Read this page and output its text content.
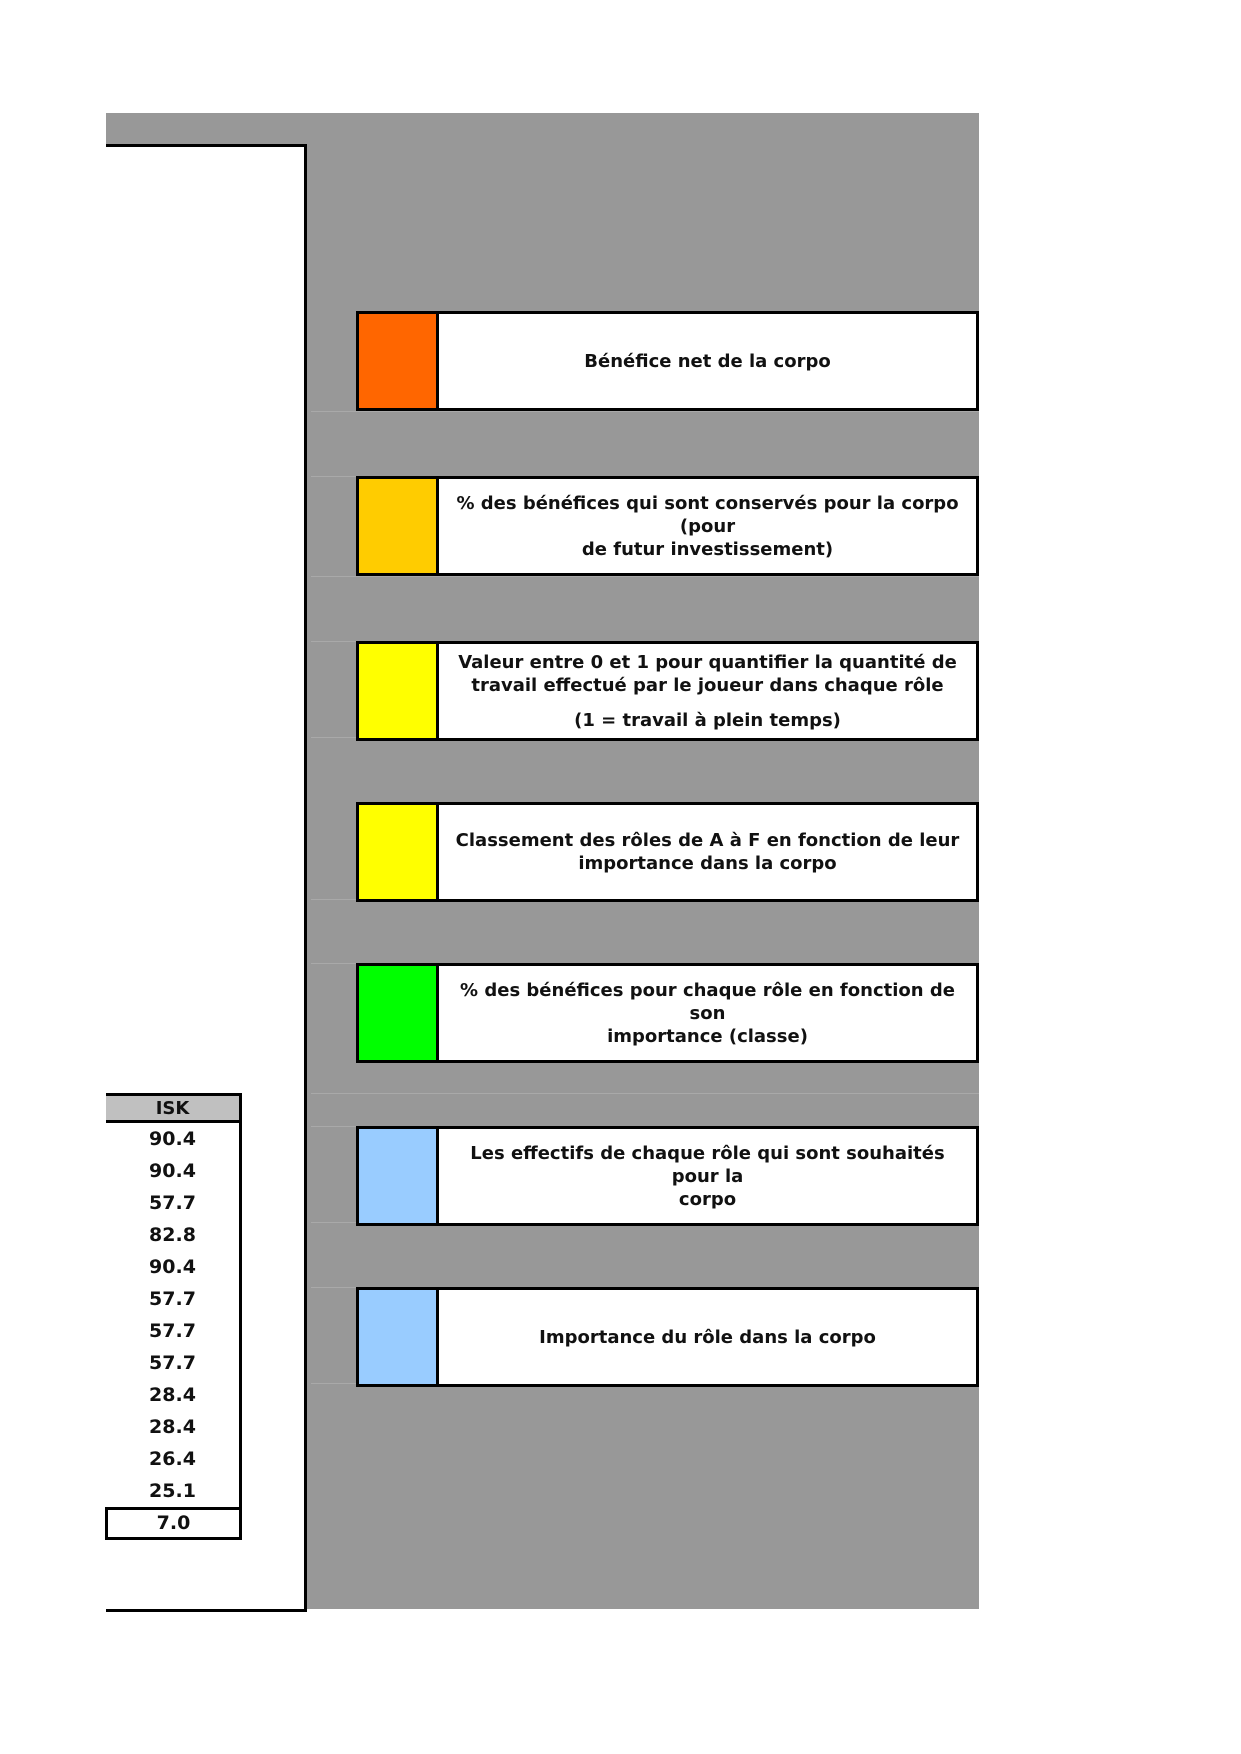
Bénéfice net de la corpo
% des bénéfices qui sont conservés pour la corpo (pour
de futur investissement)
Valeur entre 0 et 1 pour quantifier la quantité de
travail effectué par le joueur dans chaque rôle
(1 = travail à plein temps)
Classement des rôles de A à F en fonction de leur
importance dans la corpo
% des bénéfices pour chaque rôle en fonction de son
importance (classe)
Les effectifs de chaque rôle qui sont souhaités pour la
corpo
Importance du rôle dans la corpo
ISK
90.4
90.4
57.7
82.8
90.4
57.7
57.7
57.7
28.4
28.4
26.4
25.1
7.0
